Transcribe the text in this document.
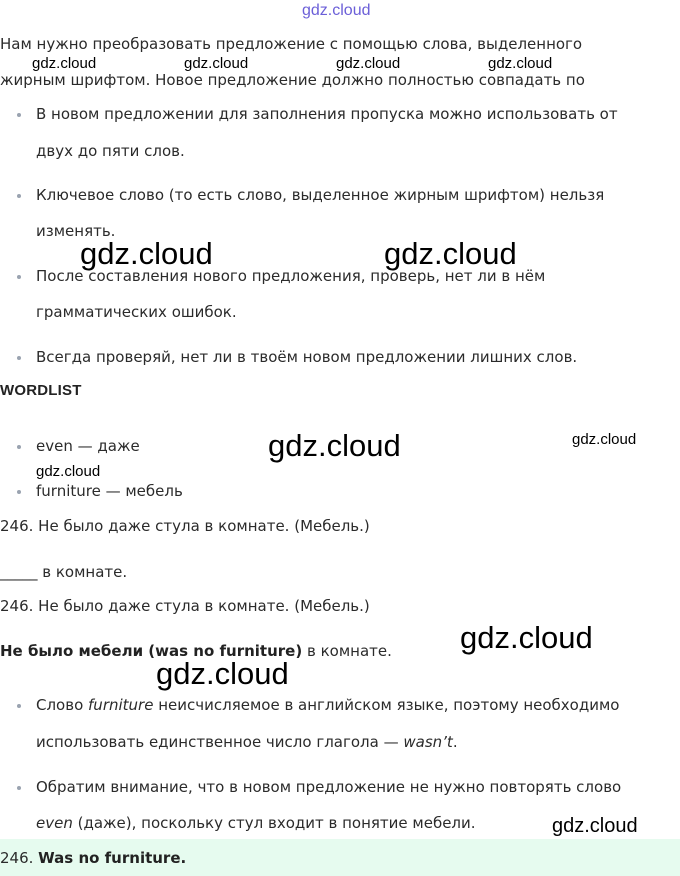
gdz.cloud
gdz.cloud	gdz.cloud	gdz.cloud	gdz.cloud
Нам нужно преобразовать предложение с помощью слова, выделенного
жирным шрифтом. Новое предложение должно полностью совпадать по
В новом предложении для заполнения пропуска можно использовать от
двух до пяти слов.
Ключевое слово (то есть слово, выделенное жирным шрифтом) нельзя
изменять.
После составления нового предложения, проверь, нет ли в нём
грамматических ошибок.
Всегда проверяй, нет ли в твоём новом предложении лишних слов.
gdz.cloud	gdz.cloud
WORDLIST
even — даже
furniture — мебель
gdz.cloud	gdz.cloud
gdz.cloud
246. Не было даже стула в комнате. (Мебель.)
_____ в комнате.
246. Не было даже стула в комнате. (Мебель.)
Не было мебели (was no furniture) в комнате. gdz.cloud
gdz.cloud
Слово furniture неисчисляемое в английском языке, поэтому необходимо
использовать единственное число глагола — wasn’t.
Обратим внимание, что в новом предложение не нужно повторять слово
even (даже), поскольку стул входит в понятие мебели.
246. Was no furniture.
gdz.cloud
